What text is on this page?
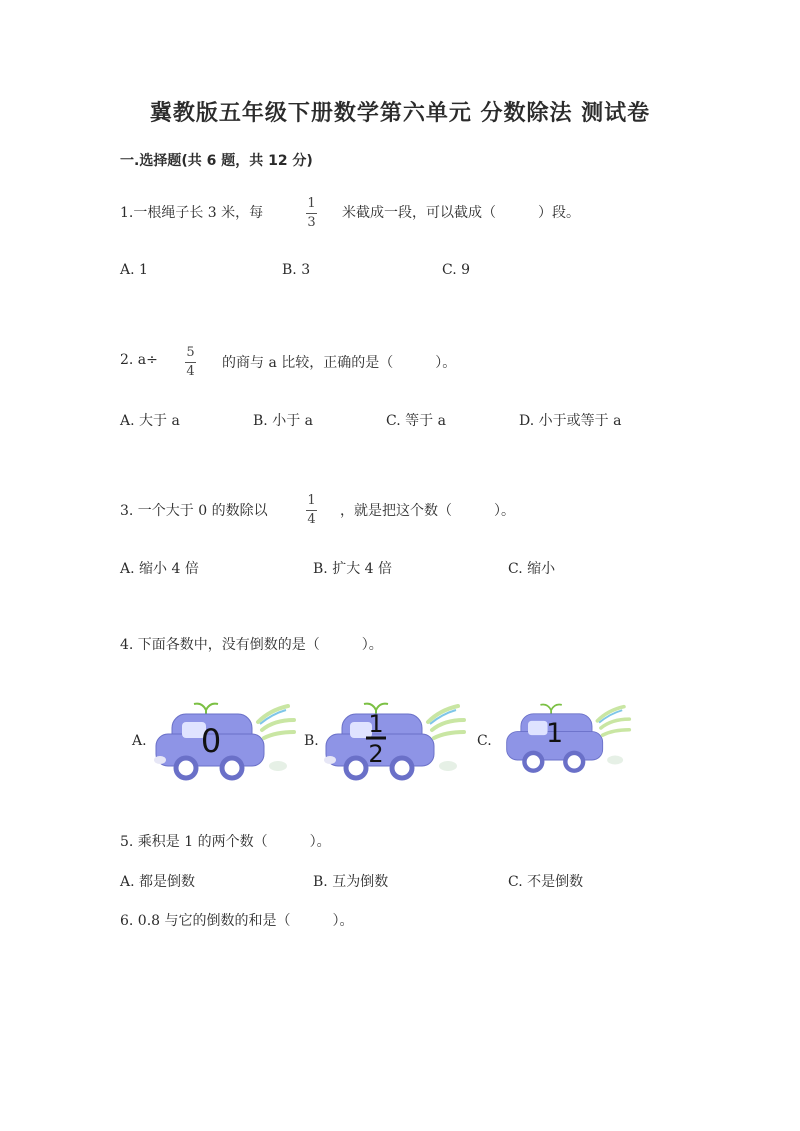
冀教版五年级下册数学第六单元 分数除法 测试卷
一.选择题(共 6 题，共 12 分)
1.一根绳子长 3 米，每
1
3
米截成一段，可以截成（　　　）段。
A. 1	B. 3	C. 9
2. a÷ 5
4
的商与 a 比较，正确的是（　　　）。
A. 大于 a	B. 小于 a	C. 等于 a	D. 小于或等于 a
3. 一个大于 0 的数除以
1
4
，就是把这个数（　　　）。
A. 缩小 4 倍	B. 扩大 4 倍	C. 缩小
4. 下面各数中，没有倒数的是（　　　）。
A. 0	B.
1
2	C. 1
5. 乘积是 1 的两个数（　　　）。
A. 都是倒数	B. 互为倒数	C. 不是倒数
6. 0.8 与它的倒数的和是（　　　）。
